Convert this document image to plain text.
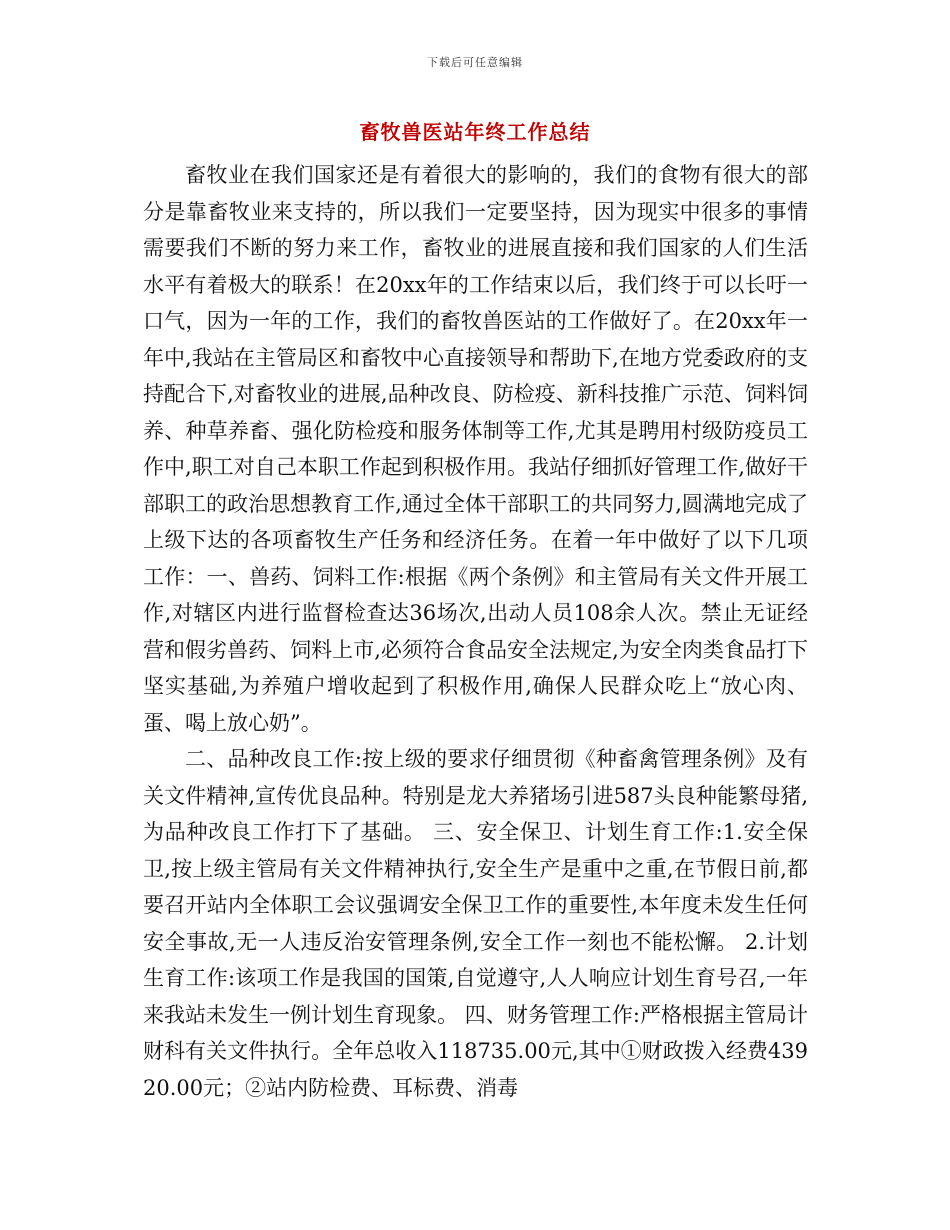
下载后可任意编辑
畜牧兽医站年终工作总结

畜牧业在我们国家还是有着很大的影响的，我们的食物有很大的部分是靠畜牧业来支持的，所以我们一定要坚持，因为现实中很多的事情需要我们不断的努力来工作，畜牧业的进展直接和我们国家的人们生活水平有着极大的联系！在20xx年的工作结束以后，我们终于可以长吁一口气，因为一年的工作，我们的畜牧兽医站的工作做好了。在20xx年一年中,我站在主管局区和畜牧中心直接领导和帮助下,在地方党委政府的支持配合下,对畜牧业的进展,品种改良、防检疫、新科技推广示范、饲料饲养、种草养畜、强化防检疫和服务体制等工作,尤其是聘用村级防疫员工作中,职工对自己本职工作起到积极作用。我站仔细抓好管理工作,做好干部职工的政治思想教育工作,通过全体干部职工的共同努力,圆满地完成了上级下达的各项畜牧生产任务和经济任务。在着一年中做好了以下几项工作：一、兽药、饲料工作:根据《两个条例》和主管局有关文件开展工作,对辖区内进行监督检查达36场次,出动人员108余人次。禁止无证经营和假劣兽药、饲料上市,必须符合食品安全法规定,为安全肉类食品打下坚实基础,为养殖户增收起到了积极作用,确保人民群众吃上“放心肉、蛋、喝上放心奶”。

二、品种改良工作:按上级的要求仔细贯彻《种畜禽管理条例》及有关文件精神,宣传优良品种。特别是龙大养猪场引进587头良种能繁母猪,为品种改良工作打下了基础。 三、安全保卫、计划生育工作:1.安全保卫,按上级主管局有关文件精神执行,安全生产是重中之重,在节假日前,都要召开站内全体职工会议强调安全保卫工作的重要性,本年度未发生任何安全事故,无一人违反治安管理条例,安全工作一刻也不能松懈。 2.计划生育工作:该项工作是我国的国策,自觉遵守,人人响应计划生育号召,一年来我站未发生一例计划生育现象。 四、财务管理工作:严格根据主管局计财科有关文件执行。全年总收入118735.00元,其中①财政拨入经费43920.00元；②站内防检费、耳标费、消毒
